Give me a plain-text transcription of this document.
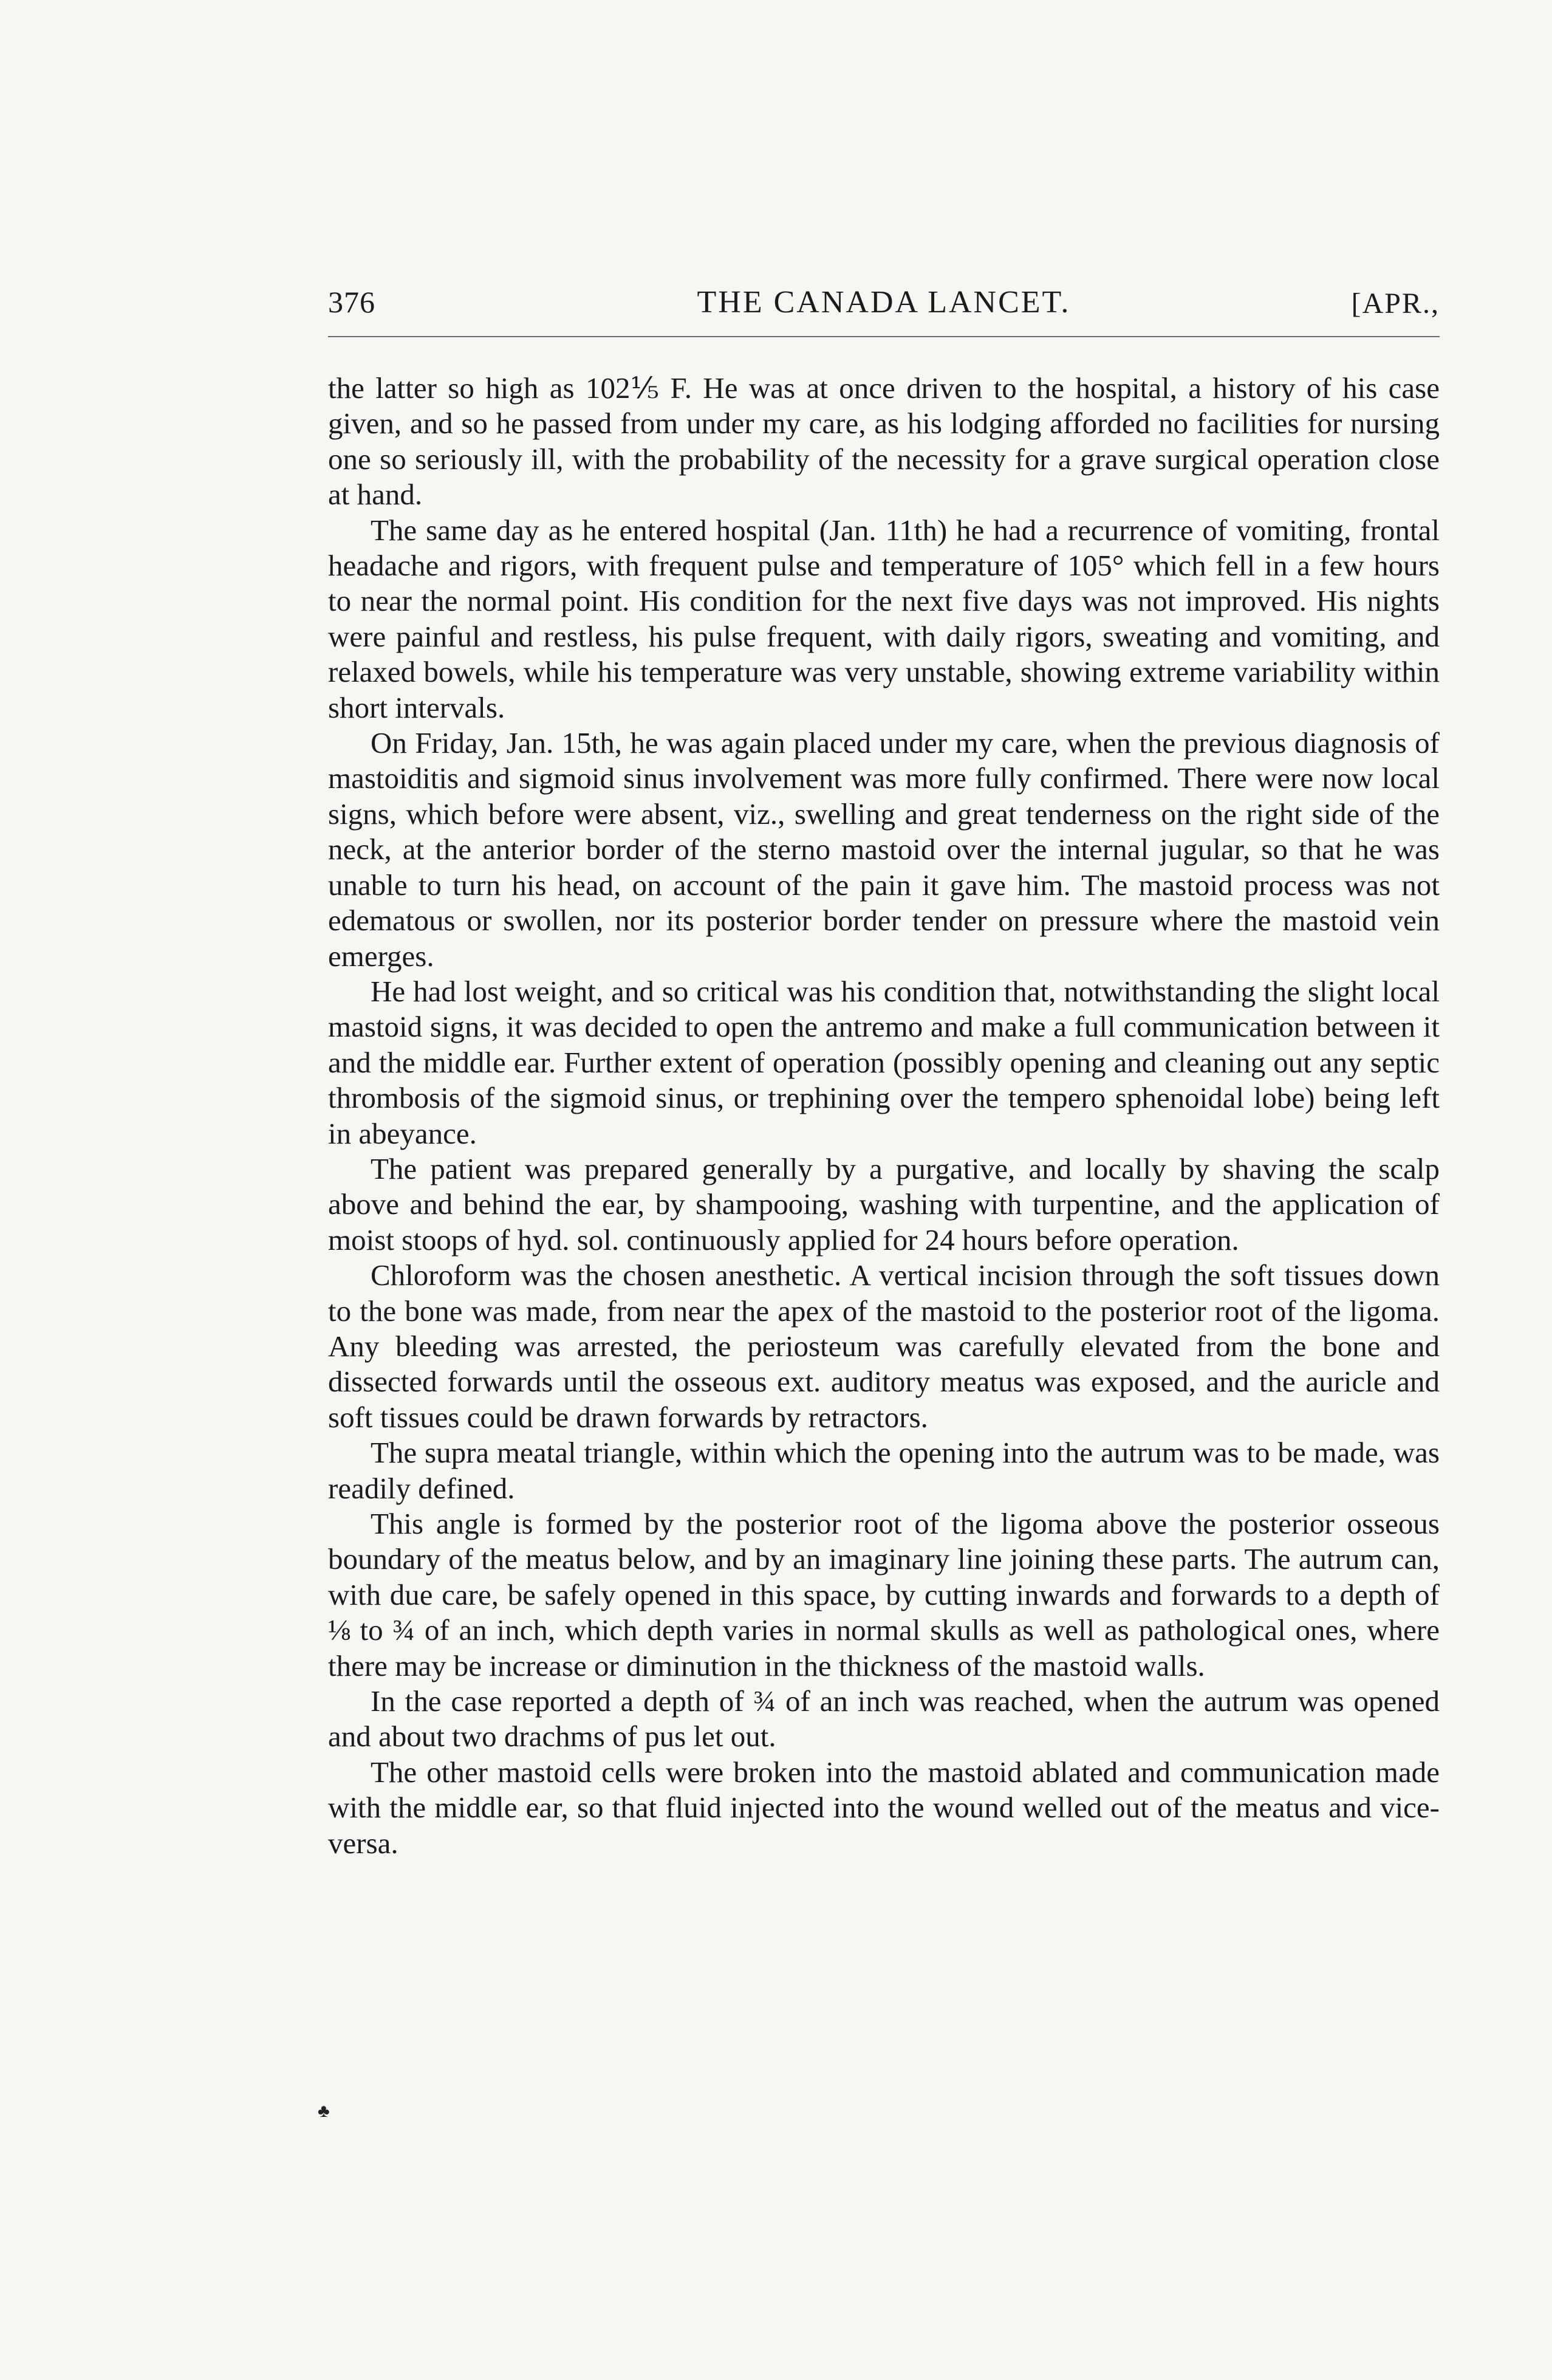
376	THE CANADA LANCET.	[APR.,

the latter so high as 102⅕ F. He was at once driven to the hospital, a history of his case given, and so he passed from under my care, as his lodging afforded no facilities for nursing one so seriously ill, with the probability of the necessity for a grave surgical operation close at hand.

The same day as he entered hospital (Jan. 11th) he had a recurrence of vomiting, frontal headache and rigors, with frequent pulse and temperature of 105° which fell in a few hours to near the normal point. His condition for the next five days was not improved. His nights were painful and restless, his pulse frequent, with daily rigors, sweating and vomiting, and relaxed bowels, while his temperature was very unstable, showing extreme variability within short intervals.

On Friday, Jan. 15th, he was again placed under my care, when the previous diagnosis of mastoiditis and sigmoid sinus involvement was more fully confirmed. There were now local signs, which before were absent, viz., swelling and great tenderness on the right side of the neck, at the anterior border of the sterno mastoid over the internal jugular, so that he was unable to turn his head, on account of the pain it gave him. The mastoid process was not edematous or swollen, nor its posterior border tender on pressure where the mastoid vein emerges.

He had lost weight, and so critical was his condition that, notwithstanding the slight local mastoid signs, it was decided to open the antremo and make a full communication between it and the middle ear. Further extent of operation (possibly opening and cleaning out any septic thrombosis of the sigmoid sinus, or trephining over the tempero sphenoidal lobe) being left in abeyance.

The patient was prepared generally by a purgative, and locally by shaving the scalp above and behind the ear, by shampooing, washing with turpentine, and the application of moist stoops of hyd. sol. continuously applied for 24 hours before operation.

Chloroform was the chosen anesthetic. A vertical incision through the soft tissues down to the bone was made, from near the apex of the mastoid to the posterior root of the ligoma. Any bleeding was arrested, the periosteum was carefully elevated from the bone and dissected forwards until the osseous ext. auditory meatus was exposed, and the auricle and soft tissues could be drawn forwards by retractors.

The supra meatal triangle, within which the opening into the autrum was to be made, was readily defined.

This angle is formed by the posterior root of the ligoma above the posterior osseous boundary of the meatus below, and by an imaginary line joining these parts. The autrum can, with due care, be safely opened in this space, by cutting inwards and forwards to a depth of ⅛ to ¾ of an inch, which depth varies in normal skulls as well as pathological ones, where there may be increase or diminution in the thickness of the mastoid walls.

In the case reported a depth of ¾ of an inch was reached, when the autrum was opened and about two drachms of pus let out.

The other mastoid cells were broken into the mastoid ablated and communication made with the middle ear, so that fluid injected into the wound welled out of the meatus and vice-versa.

♣
